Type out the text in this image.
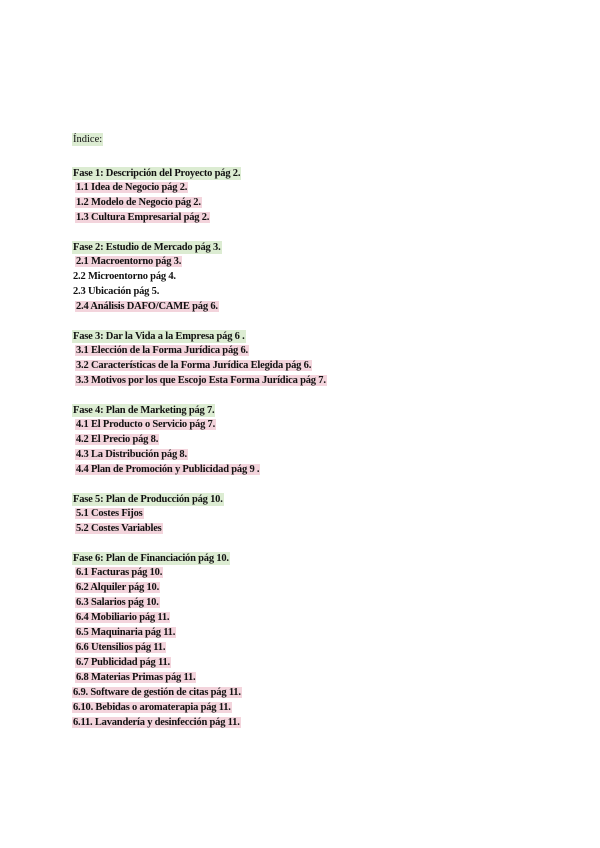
Índice:
Fase 1: Descripción del Proyecto pág 2.
1.1 Idea de Negocio pág 2.
1.2 Modelo de Negocio pág 2.
1.3 Cultura Empresarial pág 2.
Fase 2: Estudio de Mercado pág 3.
2.1 Macroentorno pág 3.
2.2 Microentorno pág 4.
2.3 Ubicación pág 5.
2.4 Análisis DAFO/CAME pág 6.
Fase 3: Dar la Vida a la Empresa pág 6 .
3.1 Elección de la Forma Jurídica pág 6.
3.2 Características de la Forma Jurídica Elegida pág 6.
3.3 Motivos por los que Escojo Esta Forma Jurídica pág 7.
Fase 4: Plan de Marketing pág 7.
4.1 El Producto o Servicio pág 7.
4.2 El Precio pág 8.
4.3 La Distribución pág 8.
4.4 Plan de Promoción y Publicidad pág 9 .
Fase 5: Plan de Producción pág 10.
5.1 Costes Fijos
5.2 Costes Variables
Fase 6: Plan de Financiación pág 10.
6.1 Facturas pág 10.
6.2 Alquiler pág 10.
6.3 Salarios pág 10.
6.4 Mobiliario pág 11.
6.5 Maquinaria pág 11.
6.6 Utensilios pág 11.
6.7 Publicidad pág 11.
6.8 Materias Primas pág 11.
6.9. Software de gestión de citas pág 11.
6.10. Bebidas o aromaterapia pág 11.
6.11. Lavandería y desinfección pág 11.
